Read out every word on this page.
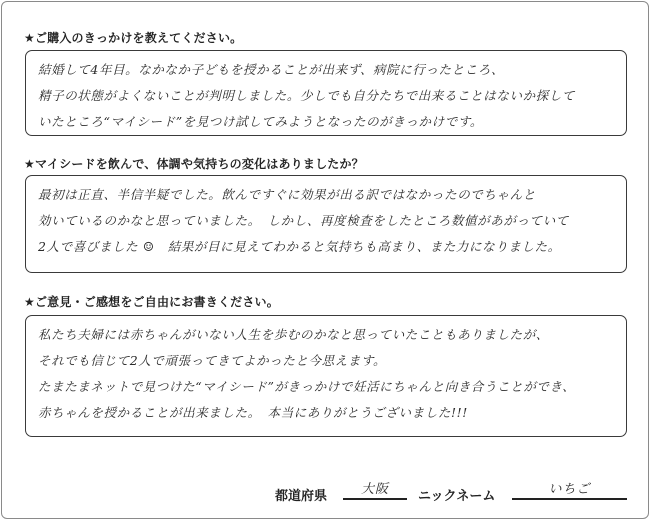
★ご購入のきっかけを教えてください。
結婚して4年目。なかなか子どもを授かることが出来ず、病院に行ったところ、
精子の状態がよくないことが判明しました。少しでも自分たちで出来ることはないか探して
いたところ“マイシード”を見つけ試してみようとなったのがきっかけです。
★マイシードを飲んで、体調や気持ちの変化はありましたか？
最初は正直、半信半疑でした。飲んですぐに効果が出る訳ではなかったのでちゃんと
効いているのかなと思っていました。　しかし、再度検査をしたところ数値があがっていて
2人で喜びました ☺　結果が目に見えてわかると気持ちも高まり、また力になりました。
★ご意見・ご感想をご自由にお書きください。
私たち夫婦には赤ちゃんがいない人生を歩むのかなと思っていたこともありましたが、
それでも信じて2人で頑張ってきてよかったと今思えます。
たまたまネットで見つけた“マイシード”がきっかけで妊活にちゃんと向き合うことができ、
赤ちゃんを授かることが出来ました。　本当にありがとうございました!!!
都道府県	大阪	ニックネーム	いちご
